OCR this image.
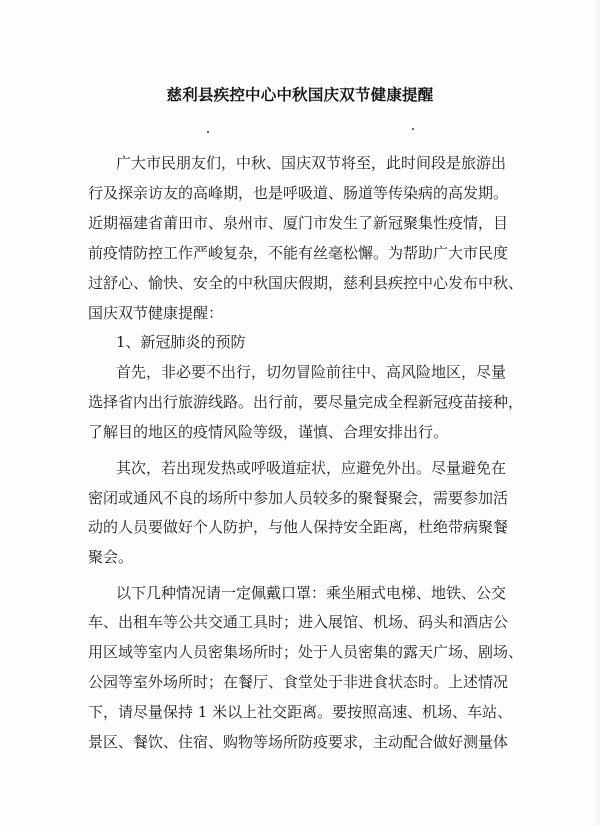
慈利县疾控中心中秋国庆双节健康提醒
广大市民朋友们，中秋、国庆双节将至，此时间段是旅游出
行及探亲访友的高峰期，也是呼吸道、肠道等传染病的高发期。
近期福建省莆田市、泉州市、厦门市发生了新冠聚集性疫情，目
前疫情防控工作严峻复杂，不能有丝毫松懈。为帮助广大市民度
过舒心、愉快、安全的中秋国庆假期，慈利县疾控中心发布中秋、
国庆双节健康提醒：
1、新冠肺炎的预防
首先，非必要不出行，切勿冒险前往中、高风险地区，尽量
选择省内出行旅游线路。出行前，要尽量完成全程新冠疫苗接种，
了解目的地区的疫情风险等级，谨慎、合理安排出行。
其次，若出现发热或呼吸道症状，应避免外出。尽量避免在
密闭或通风不良的场所中参加人员较多的聚餐聚会，需要参加活
动的人员要做好个人防护，与他人保持安全距离，杜绝带病聚餐
聚会。
以下几种情况请一定佩戴口罩：乘坐厢式电梯、地铁、公交
车、出租车等公共交通工具时；进入展馆、机场、码头和酒店公
用区域等室内人员密集场所时；处于人员密集的露天广场、剧场、
公园等室外场所时；在餐厅、食堂处于非进食状态时。上述情况
下，请尽量保持 1 米以上社交距离。要按照高速、机场、车站、
景区、餐饮、住宿、购物等场所防疫要求，主动配合做好测量体
